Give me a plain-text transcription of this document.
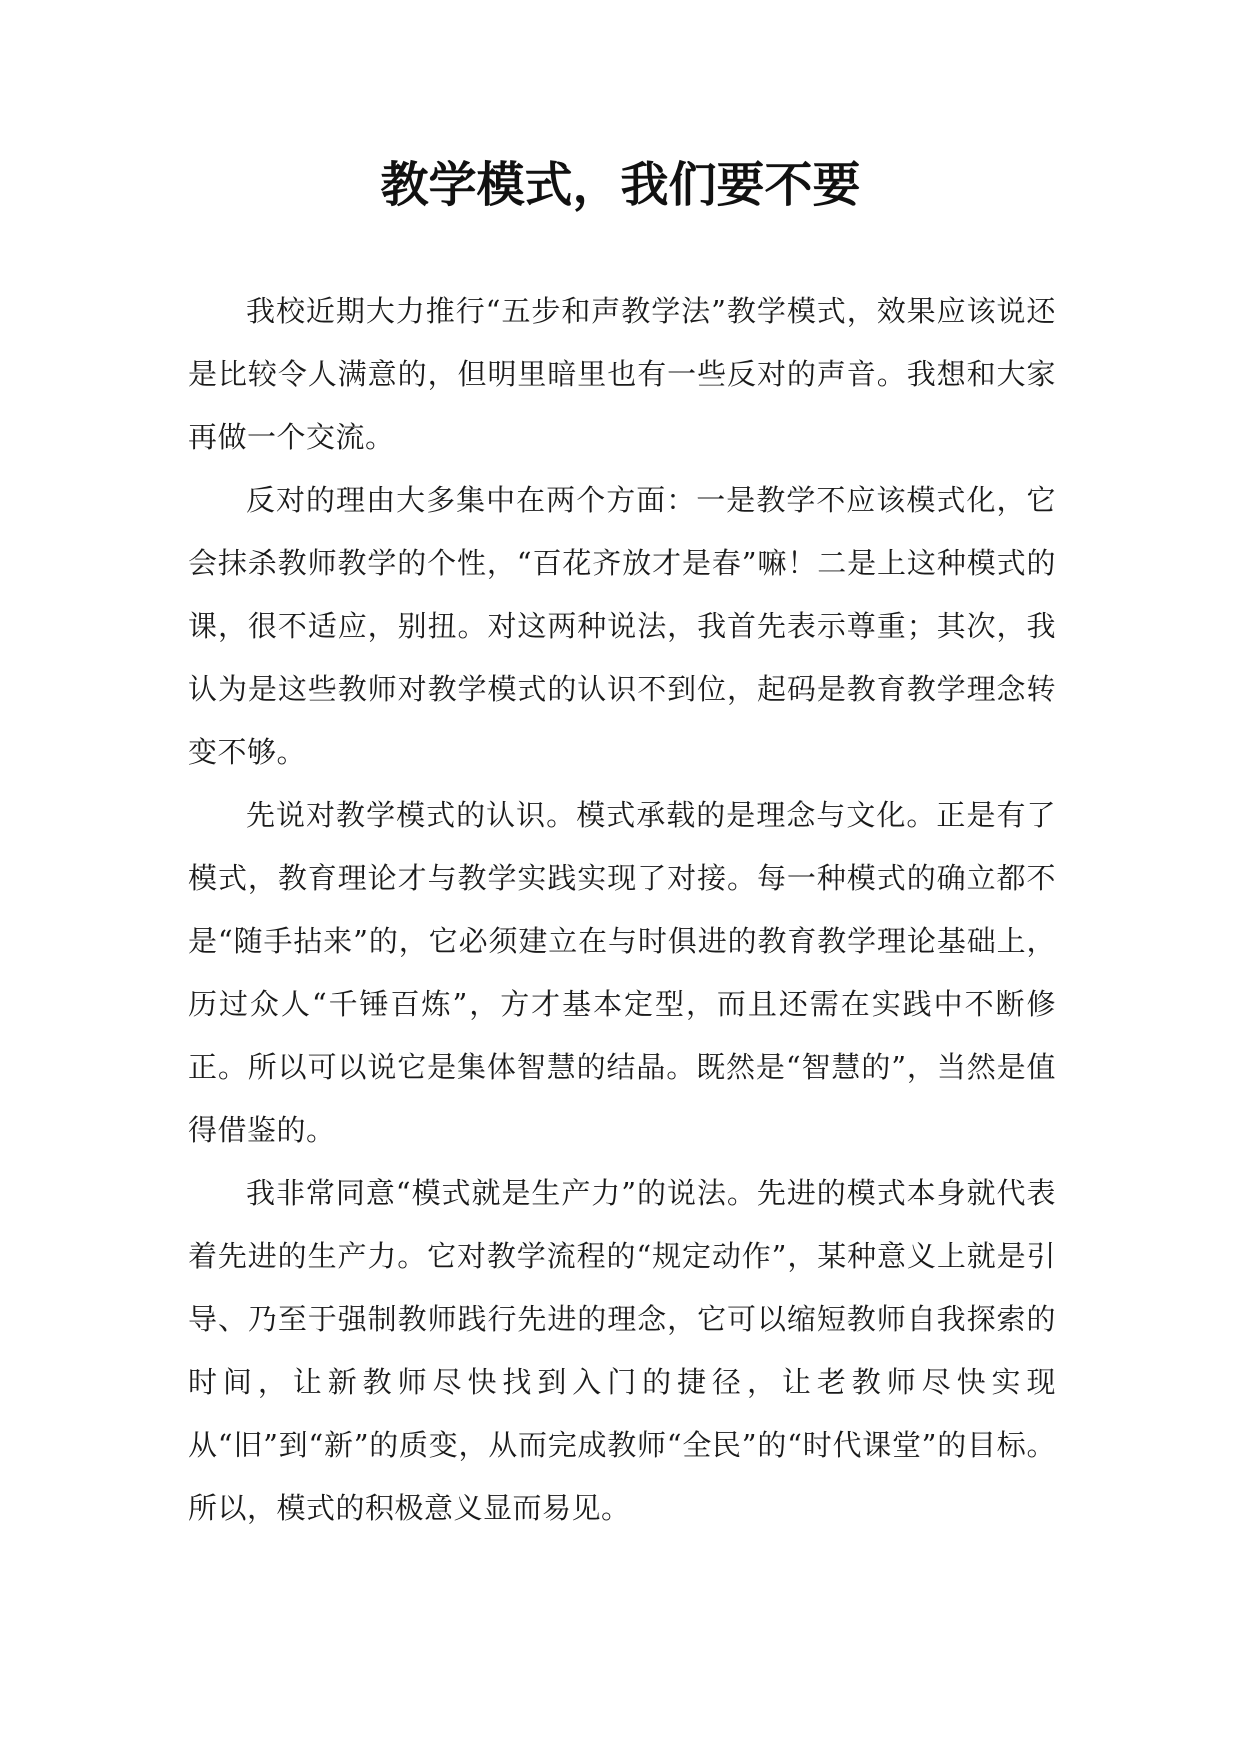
教学模式，我们要不要

我校近期大力推行“五步和声教学法”教学模式，效果应该说还是比较令人满意的，但明里暗里也有一些反对的声音。我想和大家再做一个交流。

反对的理由大多集中在两个方面：一是教学不应该模式化，它会抹杀教师教学的个性，“百花齐放才是春”嘛！二是上这种模式的课，很不适应，别扭。对这两种说法，我首先表示尊重；其次，我认为是这些教师对教学模式的认识不到位，起码是教育教学理念转变不够。

先说对教学模式的认识。模式承载的是理念与文化。正是有了模式，教育理论才与教学实践实现了对接。每一种模式的确立都不是“随手拈来”的，它必须建立在与时俱进的教育教学理论基础上，历过众人“千锤百炼”，方才基本定型，而且还需在实践中不断修正。所以可以说它是集体智慧的结晶。既然是“智慧的”，当然是值得借鉴的。

我非常同意“模式就是生产力”的说法。先进的模式本身就代表着先进的生产力。它对教学流程的“规定动作”，某种意义上就是引导、乃至于强制教师践行先进的理念，它可以缩短教师自我探索的时间，让新教师尽快找到入门的捷径，让老教师尽快实现从“旧”到“新”的质变，从而完成教师“全民”的“时代课堂”的目标。所以，模式的积极意义显而易见。
